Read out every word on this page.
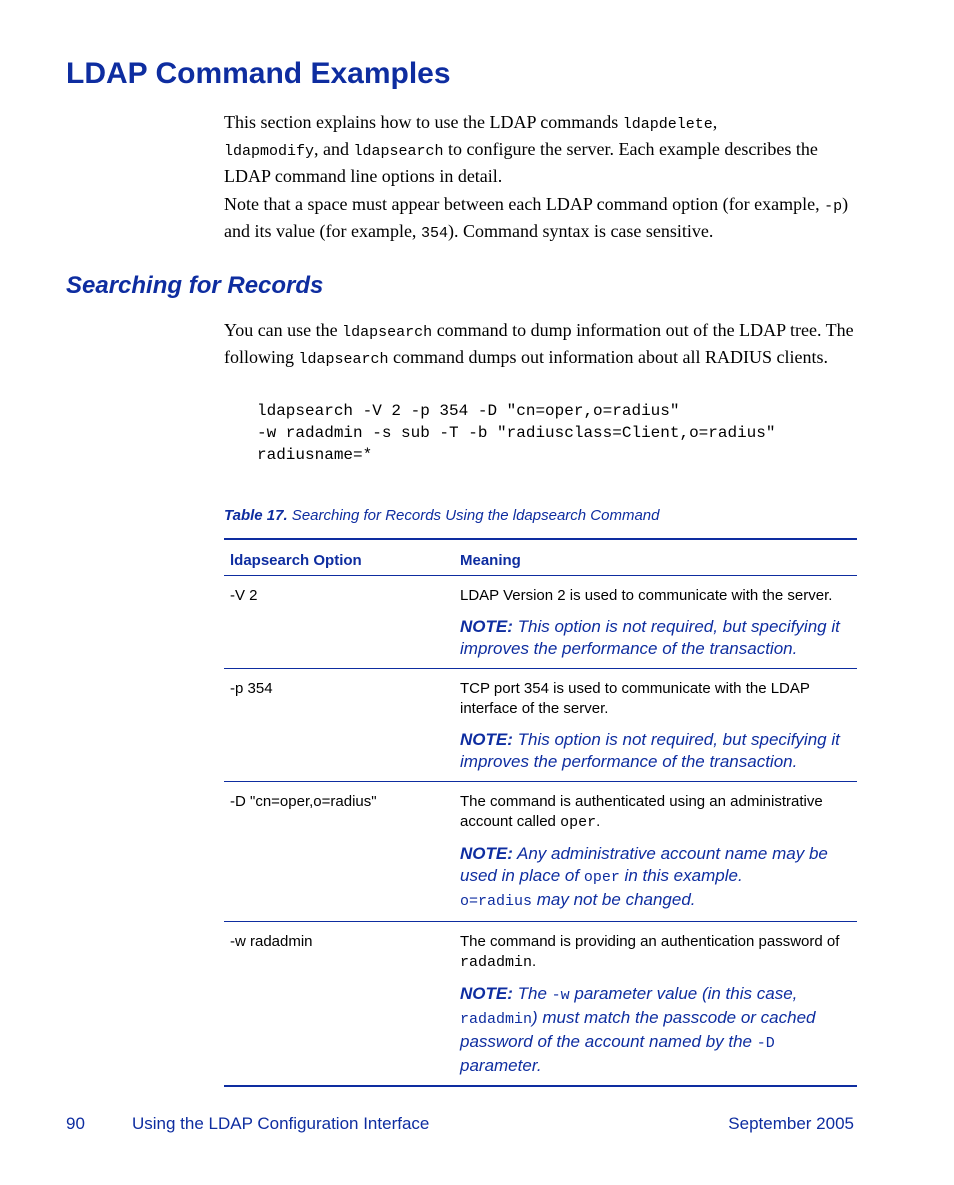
LDAP Command Examples

This section explains how to use the LDAP commands ldapdelete,
ldapmodify, and ldapsearch to configure the server. Each example describes the LDAP command line options in detail.

Note that a space must appear between each LDAP command option (for example, -p) and its value (for example, 354). Command syntax is case sensitive.

Searching for Records

You can use the ldapsearch command to dump information out of the LDAP tree. The following ldapsearch command dumps out information about all RADIUS clients.

ldapsearch -V 2 -p 354 -D "cn=oper,o=radius"
-w radadmin -s sub -T -b "radiusclass=Client,o=radius"
radiusname=*
Table 17. Searching for Records Using the ldapsearch Command
ldapsearch Option	Meaning
-V 2	LDAP Version 2 is used to communicate with the server.

NOTE: This option is not required, but specifying it improves the performance of the transaction.

-p 354	TCP port 354 is used to communicate with the LDAP interface of the server.

NOTE: This option is not required, but specifying it improves the performance of the transaction.

-D "cn=oper,o=radius"	The command is authenticated using an administrative account called oper.

NOTE: Any administrative account name may be used in place of oper in this example.
o=radius may not be changed.

-w radadmin	The command is providing an authentication password of radadmin.

NOTE: The -w parameter value (in this case,
radadmin) must match the passcode or cached password of the account named by the -D parameter.

90	Using the LDAP Configuration Interface	September 2005
